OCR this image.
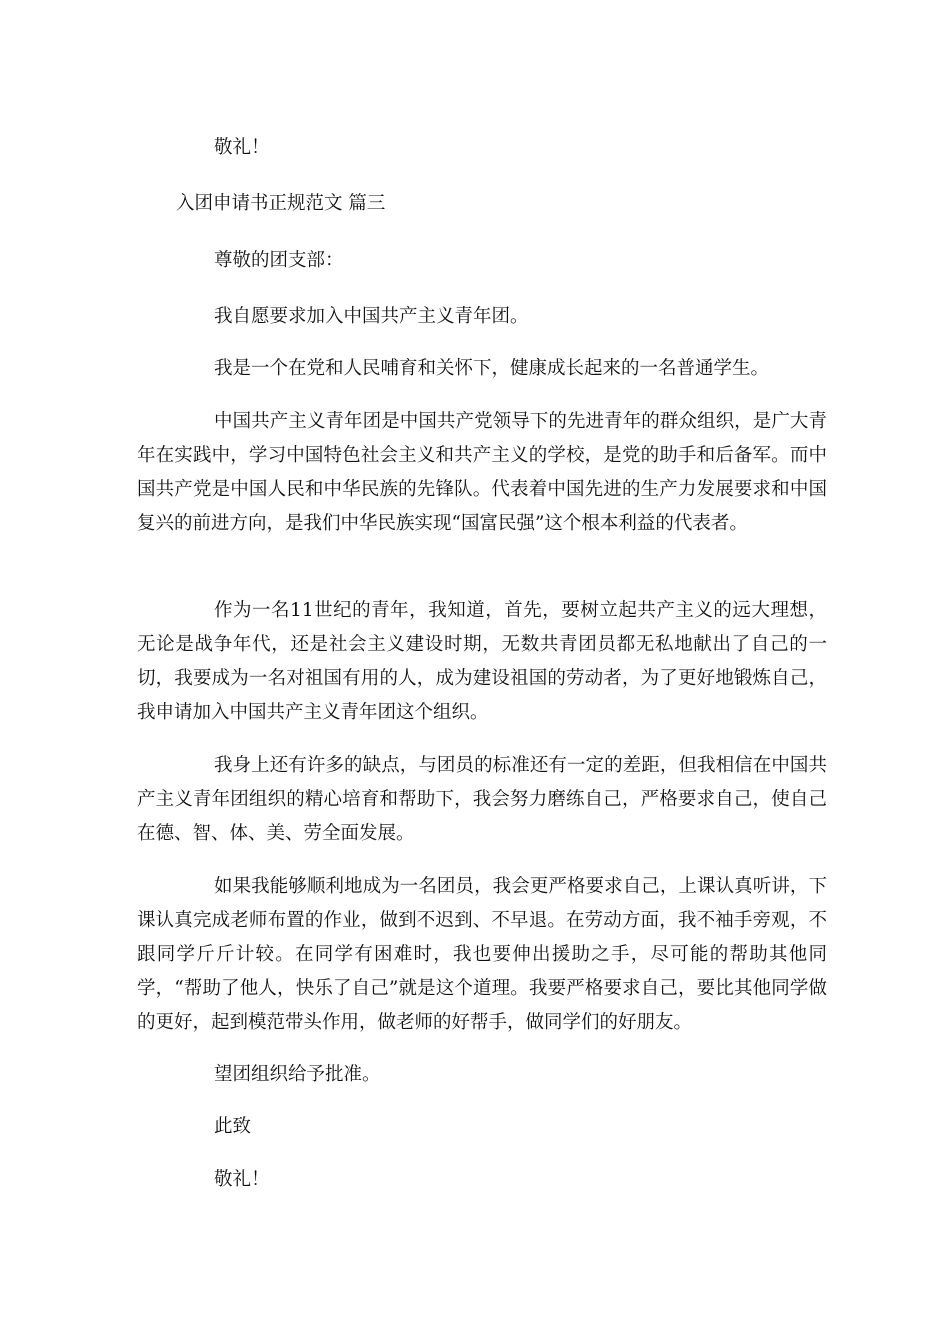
敬礼！
入团申请书正规范文 篇三
尊敬的团支部：
我自愿要求加入中国共产主义青年团。
我是一个在党和人民哺育和关怀下，健康成长起来的一名普通学生。
中国共产主义青年团是中国共产党领导下的先进青年的群众组织，是广大青年在实践中，学习中国特色社会主义和共产主义的学校，是党的助手和后备军。而中国共产党是中国人民和中华民族的先锋队。代表着中国先进的生产力发展要求和中国复兴的前进方向，是我们中华民族实现“国富民强”这个根本利益的代表者。
作为一名11世纪的青年，我知道，首先，要树立起共产主义的远大理想，无论是战争年代，还是社会主义建设时期，无数共青团员都无私地献出了自己的一切，我要成为一名对祖国有用的人，成为建设祖国的劳动者，为了更好地锻炼自己，我申请加入中国共产主义青年团这个组织。
我身上还有许多的缺点，与团员的标准还有一定的差距，但我相信在中国共产主义青年团组织的精心培育和帮助下，我会努力磨练自己，严格要求自己，使自己在德、智、体、美、劳全面发展。
如果我能够顺利地成为一名团员，我会更严格要求自己，上课认真听讲，下课认真完成老师布置的作业，做到不迟到、不早退。在劳动方面，我不袖手旁观，不跟同学斤斤计较。在同学有困难时，我也要伸出援助之手，尽可能的帮助其他同学，“帮助了他人，快乐了自己”就是这个道理。我要严格要求自己，要比其他同学做的更好，起到模范带头作用，做老师的好帮手，做同学们的好朋友。
望团组织给予批准。
此致
敬礼！
